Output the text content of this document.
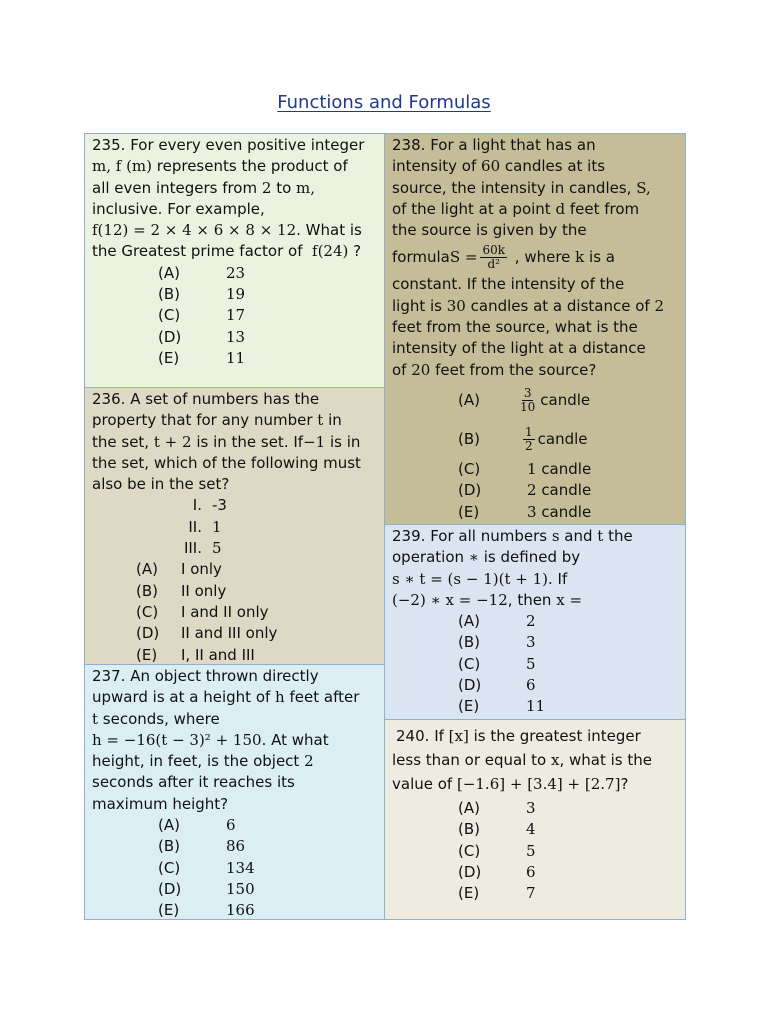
Functions and Formulas
235. For every even positive integer
m, f (m) represents the product of
all even integers from 2 to m,
inclusive. For example,
f(12) = 2 × 4 × 6 × 8 × 12. What is
the Greatest prime factor of  f(24) ?
(A)	23
(B)	19
(C)	17
(D)	13
(E)	11
236. A set of numbers has the
property that for any number t in
the set, t + 2 is in the set. If−1 is in
the set, which of the following must
also be in the set?
I. -3
II. 1
III. 5
(A)	I only
(B)	II only
(C)	I and II only
(D)	II and III only
(E)	I, II and III
237. An object thrown directly
upward is at a height of h feet after
t seconds, where
h = −16(t − 3)² + 150. At what
height, in feet, is the object 2
seconds after it reaches its
maximum height?
(A)	6
(B)	86
(C)	134
(D)	150
(E)	166
238. For a light that has an
intensity of 60 candles at its
source, the intensity in candles, S,
of the light at a point d feet from
the source is given by the
formula $S = \frac{60k}{\text{d²}}$ , where k is a
constant. If the intensity of the
light is 30 candles at a distance of 2
feet from the source, what is the
intensity of the light at a distance
of 20 feet from the source?
(A)	$\frac{3}{10}$ candle
(B)	$\frac{1}{2}$ candle
(C)	1 candle
(D)	2 candle
(E)	3 candle
239. For all numbers s and t the
operation ∗ is defined by
s ∗ t = (s − 1)(t + 1). If
(−2) ∗ x = −12, then x =
(A)	2
(B)	3
(C)	5
(D)	6
(E)	11
240. If [x] is the greatest integer
less than or equal to x, what is the
value of [−1.6] + [3.4] + [2.7]?
(A)	3
(B)	4
(C)	5
(D)	6
(E)	7
